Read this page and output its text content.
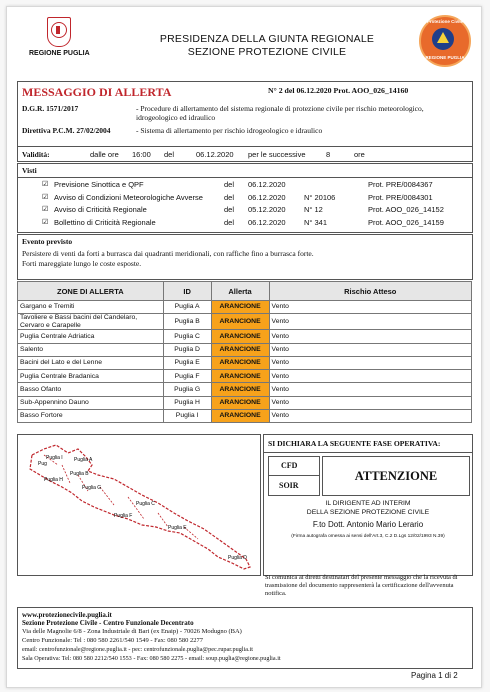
REGIONE PUGLIA
PRESIDENZA DELLA GIUNTA REGIONALE
SEZIONE PROTEZIONE CIVILE
Protezione Civile
REGIONE PUGLIA
MESSAGGIO DI ALLERTA	N° 2 del 06.12.2020 Prot. AOO_026_14160
D.G.R. 1571/2017	- Procedure di allertamento del sistema regionale di protezione civile per rischio meteorologico, idrogeologico ed idraulico
Direttiva P.C.M. 27/02/2004	- Sistema di allertamento per rischio idrogeologico e idraulico
Validità:	dalle ore 16:00 del	06.12.2020 per le successive	8	ore
Visti
☑ Previsione Sinottica e QPF	del 06.12.2020	Prot. PRE/0084367
☑ Avviso di Condizioni Meteorologiche Avverse	del 06.12.2020 N° 20106	Prot. PRE/0084301
☑ Avviso di Criticità Regionale	del 05.12.2020 N° 12	Prot. AOO_026_14152
☑ Bollettino di Criticità Regionale	del 06.12.2020 N° 341	Prot. AOO_026_14159
Evento previsto
Persistere di venti da forti a burrasca dai quadranti meridionali, con raffiche fino a burrasca forte.
Forti mareggiate lungo le coste esposte.
ZONE DI ALLERTA	ID	Allerta	Rischio Atteso
Gargano e Tremiti	Puglia A	ARANCIONE	Vento
Tavoliere e Bassi bacini del Candelaro, Cervaro e Carapelle	Puglia B	ARANCIONE	Vento
Puglia Centrale Adriatica	Puglia C	ARANCIONE	Vento
Salento	Puglia D	ARANCIONE	Vento
Bacini del Lato e del Lenne	Puglia E	ARANCIONE	Vento
Puglia Centrale Bradanica	Puglia F	ARANCIONE	Vento
Basso Ofanto	Puglia G	ARANCIONE	Vento
Sub-Appennino Dauno	Puglia H	ARANCIONE	Vento
Basso Fortore	Puglia I	ARANCIONE	Vento
Pug
Puglia I Puglia A
Puglia B
Puglia H
Puglia G
Puglia C
Puglia F
Puglia E
Puglia D
SI DICHIARA LA SEGUENTE FASE OPERATIVA:
CFD
SOIR
ATTENZIONE
IL DIRIGENTE AD INTERIM
DELLA SEZIONE PROTEZIONE CIVILE
F.to Dott. Antonio Mario Lerario
(Firma autografa omessa ai sensi dell'Art.3, C.2 D.Lgs 12/02/1993 N.39)
Si comunica ai diretti destinatari del presente messaggio che la ricevuta di trasmissione del documento rappresenterà la certificazione dell'avvenuta notifica.
www.protezionecivile.puglia.it
Sezione Protezione Civile - Centro Funzionale Decentrato
Via delle Magnolie 6/8 - Zona Industriale di Bari (ex Enaip) - 70026 Modugno (BA)
Centro Funzionale: Tel : 080 580 2261/540 1549 - Fax: 080 580 2277
email: centrofunzionale@regione.puglia.it - pec: centrofunzionale.puglia@pec.rupar.puglia.it
Sala Operativa: Tel: 080 580 2212/540 1553 - Fax: 080 580 2275 - email: soup.puglia@regione.puglia.it
Pagina 1 di 2
